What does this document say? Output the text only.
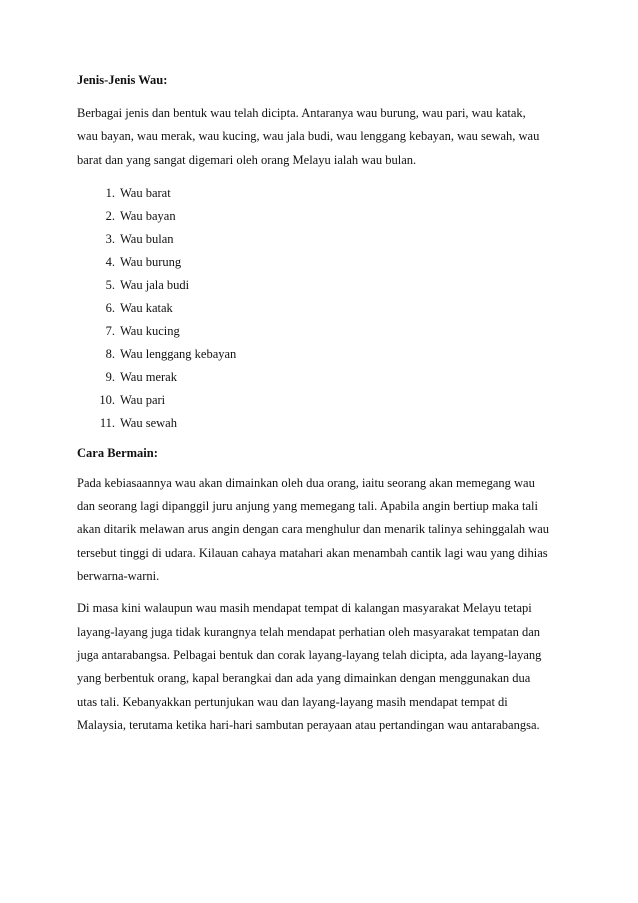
Jenis-Jenis Wau:

Berbagai jenis dan bentuk wau telah dicipta. Antaranya wau burung, wau pari, wau katak,
wau bayan, wau merak, wau kucing, wau jala budi, wau lenggang kebayan, wau sewah, wau
barat dan yang sangat digemari oleh orang Melayu ialah wau bulan.
1. Wau barat
2. Wau bayan
3. Wau bulan
4. Wau burung
5. Wau jala budi
6. Wau katak
7. Wau kucing
8. Wau lenggang kebayan
9. Wau merak
10. Wau pari
11. Wau sewah

Cara Bermain:

Pada kebiasaannya wau akan dimainkan oleh dua orang, iaitu seorang akan memegang wau
dan seorang lagi dipanggil juru anjung yang memegang tali. Apabila angin bertiup maka tali
akan ditarik melawan arus angin dengan cara menghulur dan menarik talinya sehinggalah wau
tersebut tinggi di udara. Kilauan cahaya matahari akan menambah cantik lagi wau yang dihias
berwarna-warni.
Di masa kini walaupun wau masih mendapat tempat di kalangan masyarakat Melayu tetapi
layang-layang juga tidak kurangnya telah mendapat perhatian oleh masyarakat tempatan dan
juga antarabangsa. Pelbagai bentuk dan corak layang-layang telah dicipta, ada layang-layang
yang berbentuk orang, kapal berangkai dan ada yang dimainkan dengan menggunakan dua
utas tali. Kebanyakkan pertunjukan wau dan layang-layang masih mendapat tempat di
Malaysia, terutama ketika hari-hari sambutan perayaan atau pertandingan wau antarabangsa.
